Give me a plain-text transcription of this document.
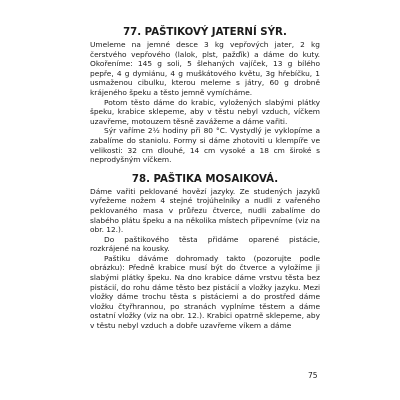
77. PAŠTIKOVÝ JATERNÍ SÝR.

Umeleme na jemné desce 3 kg vepřových jater, 2 kg čerstvého vepřového (lalok, plst, pažďík) a dáme do kuty. Okořeníme: 145 g soli, 5 šlehaných vajíček, 13 g bílého pepře, 4 g dymiánu, 4 g muškátového květu, 3g hřebíčku, 1 usmaženou cibulku, kterou meleme s játry, 60 g drobně krájeného špeku a těsto jemně vymícháme.

Potom těsto dáme do krabic, vyložených slabými plátky špeku, krabice sklepeme, aby v těstu nebyl vzduch, víčkem uzavřeme, motouzem těsně zavážeme a dáme vařiti.

Sýr vaříme 2½ hodiny při 80 °C. Vystydlý je vyklopíme a zabalíme do staniolu. Formy si dáme zhotoviti u klempíře ve velikosti: 32 cm dlouhé, 14 cm vysoké a 18 cm široké s neprodyšným víčkem.

78. PAŠTIKA MOSAIKOVÁ.

Dáme vařiti peklované hovězí jazyky. Ze studených jazyků vyřežeme nožem 4 stejné trojúhelníky a nudli z vařeného peklovaného masa v průřezu čtverce, nudli zabalíme do slabého plátu špeku a na několika místech připevníme (viz na obr. 12.).

Do paštikového těsta přidáme oparené pistácie, rozkrájené na kousky.

Paštiku dáváme dohromady takto (pozorujte podle obrázku): Předně krabice musí být do čtverce a vyložíme ji slabými plátky špeku. Na dno krabice dáme vrstvu těsta bez pistácií, do rohu dáme těsto bez pistácií a vložky jazyku. Mezi vložky dáme trochu těsta s pistáciemi a do prostřed dáme vložku čtyřhrannou, po stranách vyplníme těstem a dáme ostatní vložky (viz na obr. 12.). Krabici opatrně sklepeme, aby v těstu nebyl vzduch a dobře uzavřeme víkem a dáme

75
